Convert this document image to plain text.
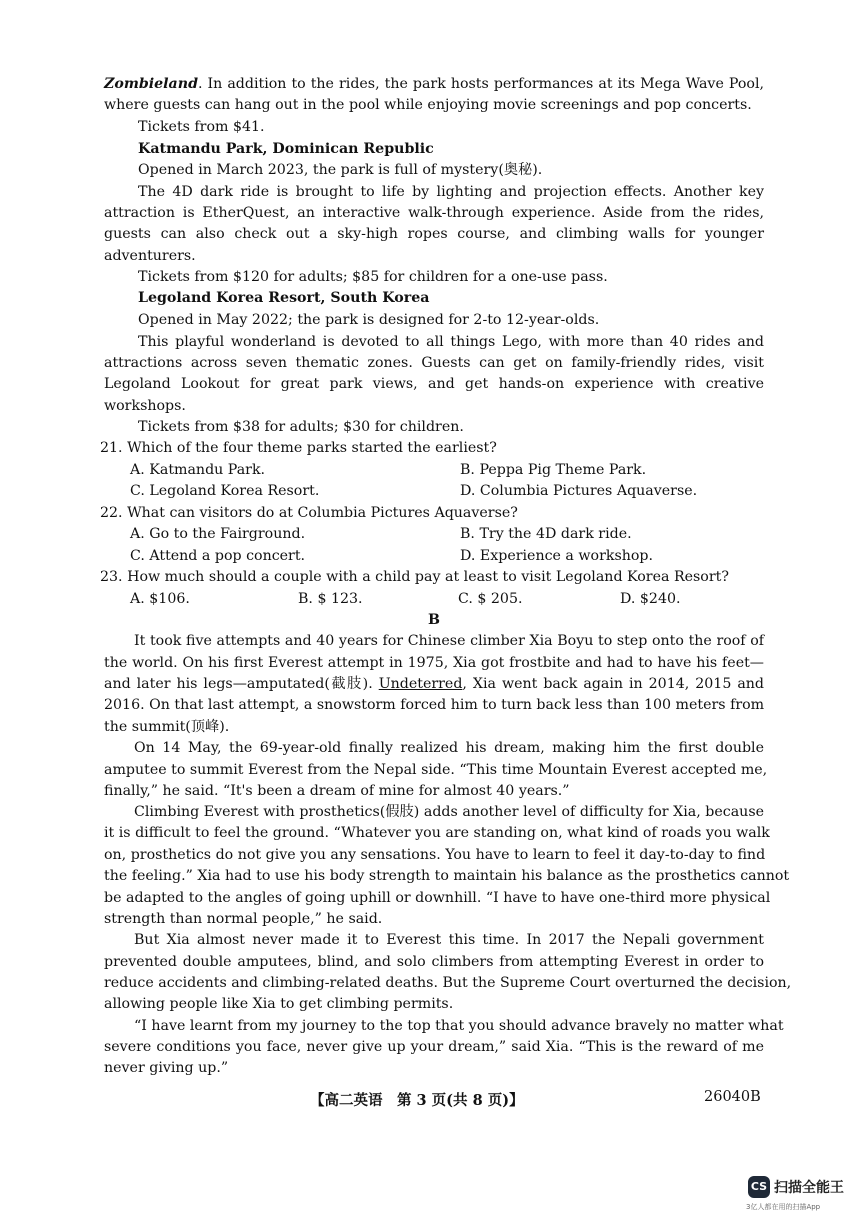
Zombieland. In addition to the rides, the park hosts performances at its Mega Wave Pool,
where guests can hang out in the pool while enjoying movie screenings and pop concerts.
Tickets from $41.
Katmandu Park, Dominican Republic
Opened in March 2023, the park is full of mystery(奥秘).
The 4D dark ride is brought to life by lighting and projection effects. Another key
attraction is EtherQuest, an interactive walk-through experience. Aside from the rides,
guests can also check out a sky-high ropes course, and climbing walls for younger
adventurers.
Tickets from $120 for adults; $85 for children for a one-use pass.
Legoland Korea Resort, South Korea
Opened in May 2022; the park is designed for 2-to 12-year-olds.
This playful wonderland is devoted to all things Lego, with more than 40 rides and
attractions across seven thematic zones. Guests can get on family-friendly rides, visit
Legoland Lookout for great park views, and get hands-on experience with creative
workshops.
Tickets from $38 for adults; $30 for children.
21. Which of the four theme parks started the earliest?
A. Katmandu Park.	B. Peppa Pig Theme Park.
C. Legoland Korea Resort.	D. Columbia Pictures Aquaverse.
22. What can visitors do at Columbia Pictures Aquaverse?
A. Go to the Fairground.	B. Try the 4D dark ride.
C. Attend a pop concert.	D. Experience a workshop.
23. How much should a couple with a child pay at least to visit Legoland Korea Resort?
A. $106.	B. $ 123.	C. $ 205.	D. $240.
B
It took five attempts and 40 years for Chinese climber Xia Boyu to step onto the roof of
the world. On his first Everest attempt in 1975, Xia got frostbite and had to have his feet—
and later his legs—amputated(截肢). Undeterred, Xia went back again in 2014, 2015 and
2016. On that last attempt, a snowstorm forced him to turn back less than 100 meters from
the summit(顶峰).
On 14 May, the 69-year-old finally realized his dream, making him the first double
amputee to summit Everest from the Nepal side. “This time Mountain Everest accepted me,
finally,” he said. “It's been a dream of mine for almost 40 years.”
Climbing Everest with prosthetics(假肢) adds another level of difficulty for Xia, because
it is difficult to feel the ground. “Whatever you are standing on, what kind of roads you walk
on, prosthetics do not give you any sensations. You have to learn to feel it day-to-day to find
the feeling.” Xia had to use his body strength to maintain his balance as the prosthetics cannot
be adapted to the angles of going uphill or downhill. “I have to have one-third more physical
strength than normal people,” he said.
But Xia almost never made it to Everest this time. In 2017 the Nepali government
prevented double amputees, blind, and solo climbers from attempting Everest in order to
reduce accidents and climbing-related deaths. But the Supreme Court overturned the decision,
allowing people like Xia to get climbing permits.
“I have learnt from my journey to the top that you should advance bravely no matter what
severe conditions you face, never give up your dream,” said Xia. “This is the reward of me
never giving up.”
【高二英语　第 3 页(共 8 页)】	26040B
CS 扫描全能王
3亿人都在用的扫描App
